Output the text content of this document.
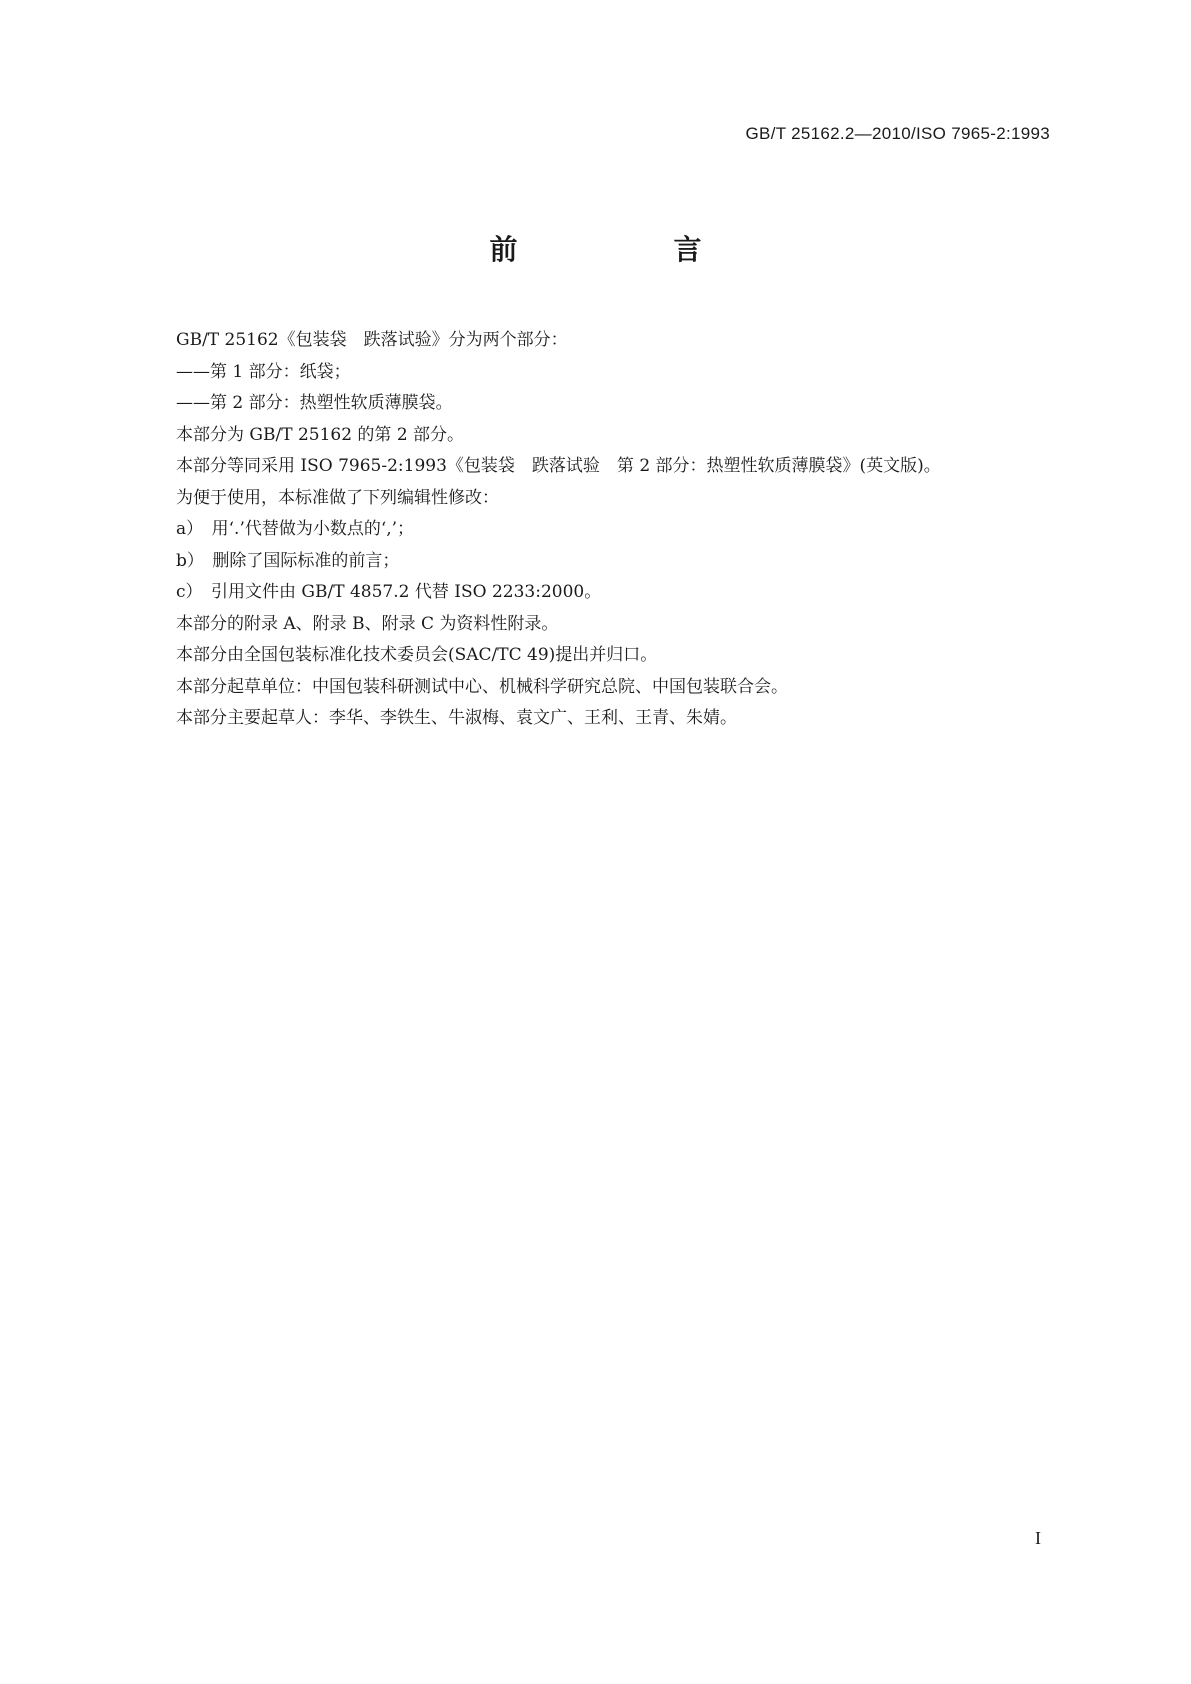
GB/T 25162.2—2010/ISO 7965-2:1993
前　言
GB/T 25162《包装袋　跌落试验》分为两个部分：
——第 1 部分：纸袋；
——第 2 部分：热塑性软质薄膜袋。
本部分为 GB/T 25162 的第 2 部分。
本部分等同采用 ISO 7965-2:1993《包装袋　跌落试验　第 2 部分：热塑性软质薄膜袋》(英文版)。
为便于使用，本标准做了下列编辑性修改：
a）　用‘.’代替做为小数点的‘,’；
b）　删除了国际标准的前言；
c）　引用文件由 GB/T 4857.2 代替 ISO 2233:2000。
本部分的附录 A、附录 B、附录 C 为资料性附录。
本部分由全国包装标准化技术委员会(SAC/TC 49)提出并归口。
本部分起草单位：中国包装科研测试中心、机械科学研究总院、中国包装联合会。
本部分主要起草人：李华、李铁生、牛淑梅、袁文广、王利、王青、朱婧。
I
